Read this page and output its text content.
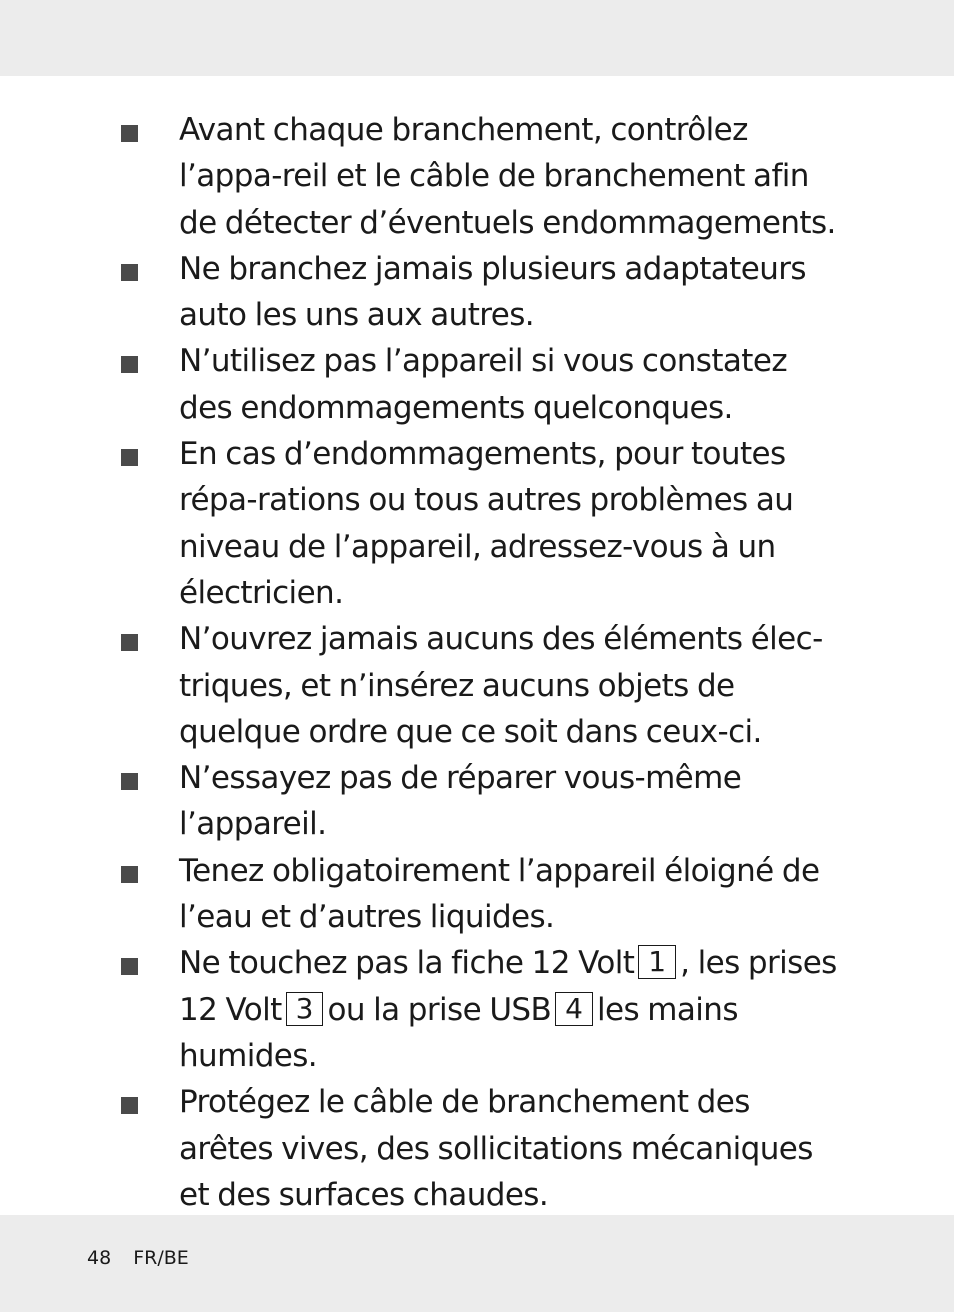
Avant chaque branchement, contrôlez l’appa-reil et le câble de branchement afin de détecter d’éventuels endommagements.
Ne branchez jamais plusieurs adaptateurs auto les uns aux autres.
N’utilisez pas l’appareil si vous constatez des endommagements quelconques.
En cas d’endommagements, pour toutes répa-rations ou tous autres problèmes au niveau de l’appareil, adressez-vous à un électricien.
N’ouvrez jamais aucuns des éléments élec-triques, et n’insérez aucuns objets de quelque ordre que ce soit dans ceux-ci.
N’essayez pas de réparer vous-même l’appareil.
Tenez obligatoirement l’appareil éloigné de l’eau et d’autres liquides.
Ne touchez pas la fiche 12 Volt 1 , les prises 12 Volt 3 ou la prise USB 4 les mains humides.
Protégez le câble de branchement des arêtes vives, des sollicitations mécaniques et des surfaces chaudes.
48 FR/BE
